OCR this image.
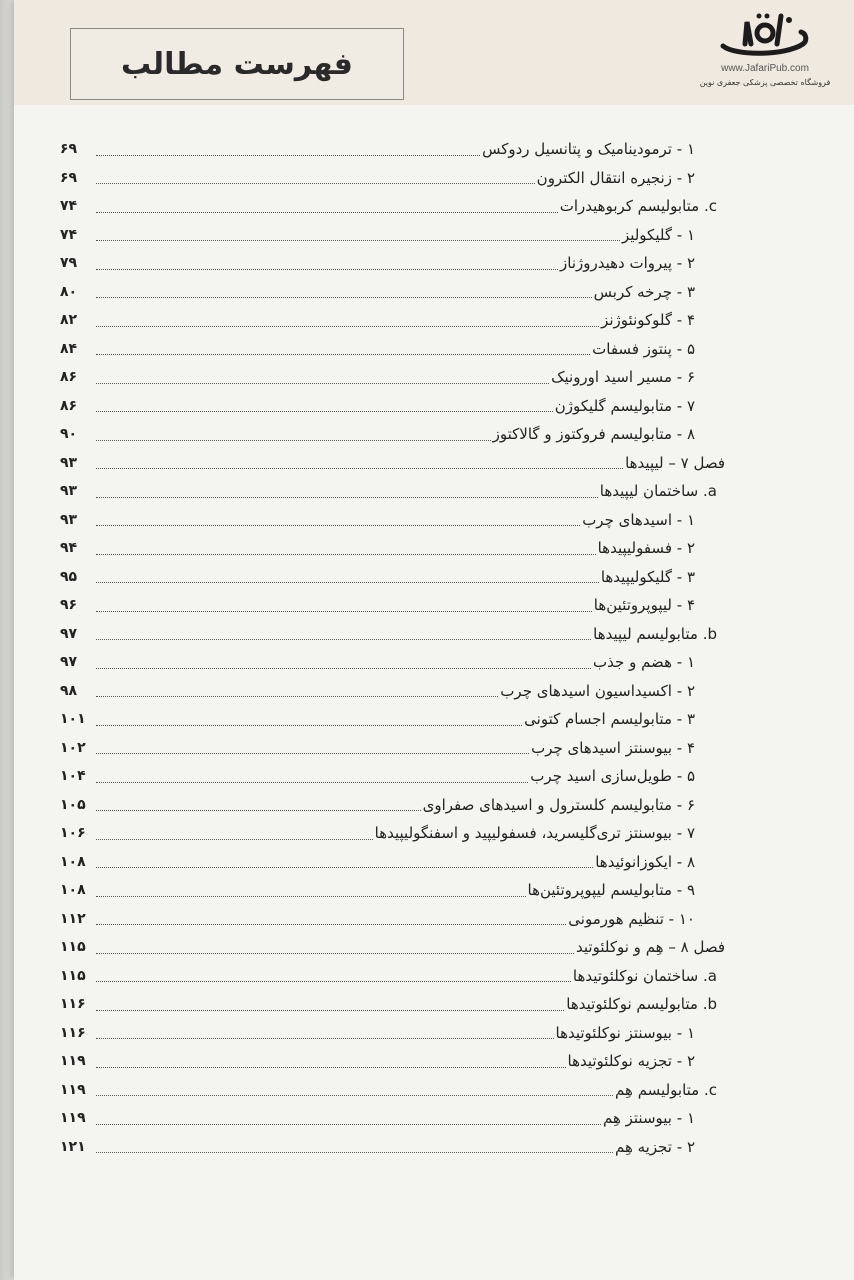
فهرست مطالب	www.JafariPub.com
فروشگاه تخصصی پزشکی جعفری نوین
۱ - ترمودینامیک و پتانسیل ردوکس
۶۹
۲ - زنجیره انتقال الکترون
۶۹
c. متابولیسم کربوهیدرات
۷۴
۱ - گلیکولیز
۷۴
۲ - پیروات دهیدروژناز
۷۹
۳ - چرخه کربس
۸۰
۴ - گلوکونئوژنز
۸۲
۵ - پنتوز فسفات
۸۴
۶ - مسیر اسید اورونیک
۸۶
۷ - متابولیسم گلیکوژن
۸۶
۸ - متابولیسم فروکتوز و گالاکتوز
۹۰
فصل ۷ – لیپیدها
۹۳
a. ساختمان لیپیدها
۹۳
۱ - اسیدهای چرب
۹۳
۲ - فسفولیپیدها
۹۴
۳ - گلیکولیپیدها
۹۵
۴ - لیپوپروتئین‌ها
۹۶
b. متابولیسم لیپیدها
۹۷
۱ - هضم و جذب
۹۷
۲ - اکسیداسیون اسیدهای چرب
۹۸
۳ - متابولیسم اجسام کتونی
۱۰۱
۴ - بیوسنتز اسیدهای چرب
۱۰۲
۵ - طویل‌سازی اسید چرب
۱۰۴
۶ - متابولیسم کلسترول و اسیدهای صفراوی
۱۰۵
۷ - بیوسنتز تری‌گلیسرید، فسفولیپید و اسفنگولیپیدها
۱۰۶
۸ - ایکوزانوئیدها
۱۰۸
۹ - متابولیسم لیپوپروتئین‌ها
۱۰۸
۱۰ - تنظیم هورمونی
۱۱۲
فصل ۸ – هِم و نوکلئوتید
۱۱۵
a. ساختمان نوکلئوتیدها
۱۱۵
b. متابولیسم نوکلئوتیدها
۱۱۶
۱ - بیوسنتز نوکلئوتیدها
۱۱۶
۲ - تجزیه نوکلئوتیدها
۱۱۹
c. متابولیسم هِم
۱۱۹
۱ - بیوسنتز هِم
۱۱۹
۲ - تجزیه هِم
۱۲۱
